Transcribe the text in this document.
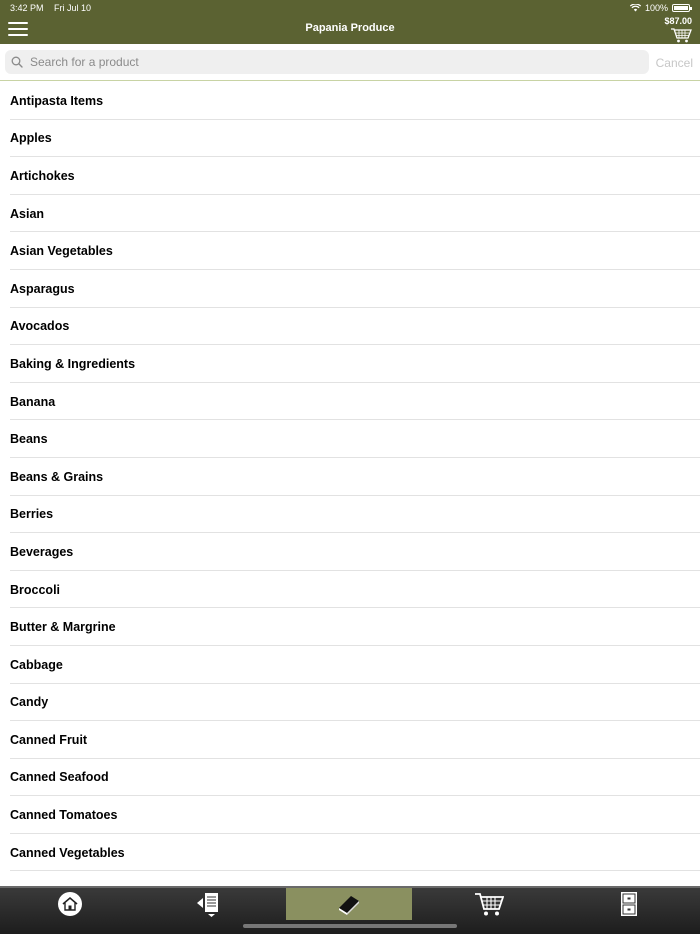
3:42 PM Fri Jul 10	100%
Papania Produce
$87.00
Search for a product
Cancel
Antipasta Items
Apples
Artichokes
Asian
Asian Vegetables
Asparagus
Avocados
Baking & Ingredients
Banana
Beans
Beans & Grains
Berries
Beverages
Broccoli
Butter & Margrine
Cabbage
Candy
Canned Fruit
Canned Seafood
Canned Tomatoes
Canned Vegetables
